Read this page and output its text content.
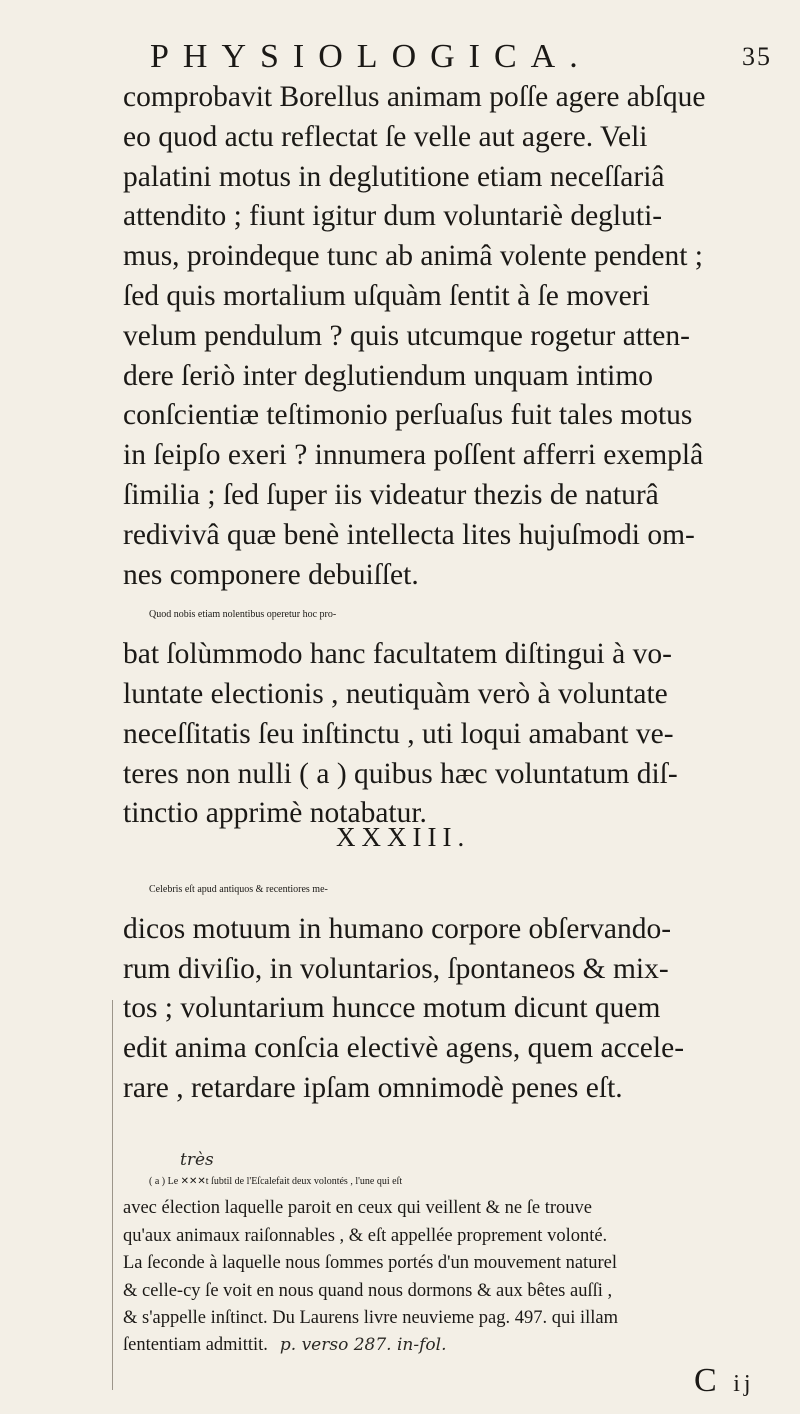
PHYSIOLOGICA.	35
comprobavit Borellus animam poſſe agere abſque
eo quod actu reflectat ſe velle aut agere. Veli
palatini motus in deglutitione etiam neceſſariâ
attendito ; fiunt igitur dum voluntariè degluti-
mus, proindeque tunc ab animâ volente pendent ;
ſed quis mortalium uſquàm ſentit à ſe moveri
velum pendulum ? quis utcumque rogetur atten-
dere ſeriò inter deglutiendum unquam intimo
conſcientiæ teſtimonio perſuaſus fuit tales motus
in ſeipſo exeri ? innumera poſſent afferri exemplâ
ſimilia ; ſed ſuper iis videatur thezis de naturâ
redivivâ quæ benè intellecta lites hujuſmodi om-
nes componere debuiſſet.
Quod nobis etiam nolentibus operetur hoc pro-
bat ſolùmmodo hanc facultatem diſtingui à vo-
luntate electionis , neutiquàm verò à voluntate
neceſſitatis ſeu inſtinctu , uti loqui amabant ve-
teres non nulli ( a ) quibus hæc voluntatum diſ-
tinctio apprimè notabatur.
XXXIII.
Celebris eſt apud antiquos & recentiores me-
dicos motuum in humano corpore obſervando-
rum diviſio, in voluntarios, ſpontaneos & mix-
tos ; voluntarium huncce motum dicunt quem
edit anima conſcia electivè agens, quem accele-
rare , retardare ipſam omnimodè penes eſt.
très
( a ) Le ✕✕✕t ſubtil de l'Eſcalefait deux volontés , l'une qui eſt
avec élection laquelle paroit en ceux qui veillent & ne ſe trouve
qu'aux animaux raiſonnables , & eſt appellée proprement volonté.
La ſeconde à laquelle nous ſommes portés d'un mouvement naturel
& celle-cy ſe voit en nous quand nous dormons & aux bêtes auſſi ,
& s'appelle inſtinct. Du Laurens livre neuvieme pag. 497. qui illam
ſententiam admittit. p. verso 287. in-fol.
C ij
